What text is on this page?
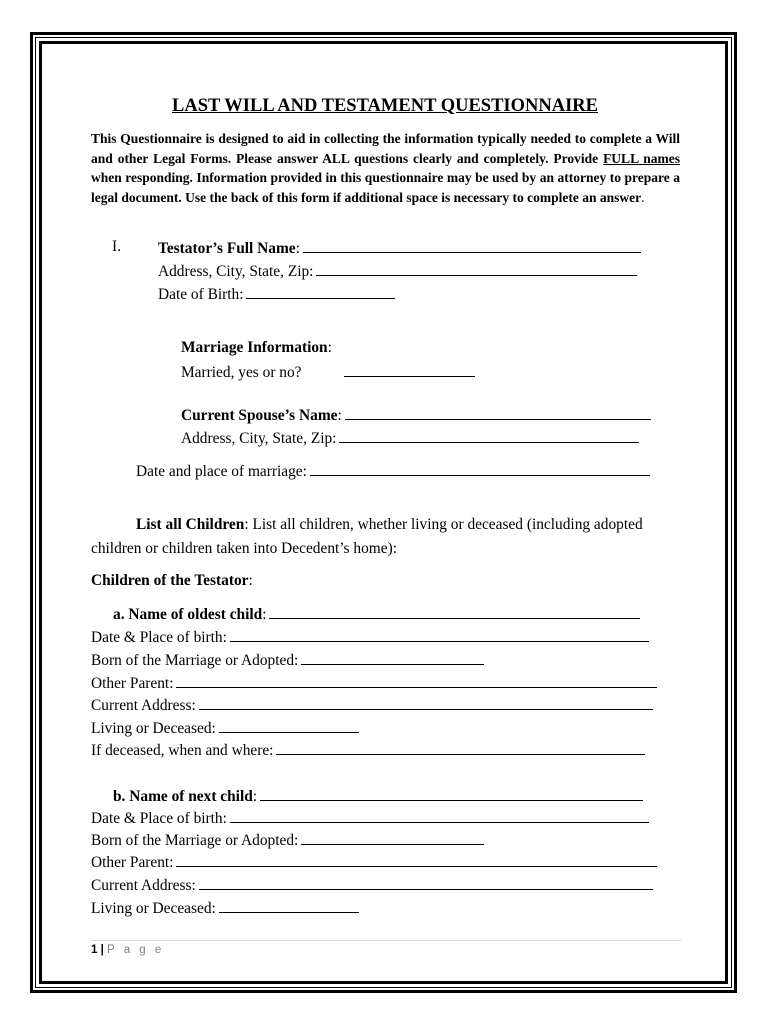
LAST WILL AND TESTAMENT QUESTIONNAIRE
This Questionnaire is designed to aid in collecting the information typically needed to complete a Will and other Legal Forms. Please answer ALL questions clearly and completely. Provide FULL names when responding. Information provided in this questionnaire may be used by an attorney to prepare a legal document. Use the back of this form if additional space is necessary to complete an answer.
I. Testator’s Full Name:
Address, City, State, Zip:
Date of Birth:
Marriage Information:
Married, yes or no?
Current Spouse’s Name:
Address, City, State, Zip:
Date and place of marriage:
List all Children: List all children, whether living or deceased (including adopted children or children taken into Decedent’s home):
Children of the Testator:
a. Name of oldest child:
Date & Place of birth:
Born of the Marriage or Adopted:
Other Parent:
Current Address:
Living or Deceased:
If deceased, when and where:
b. Name of next child:
Date & Place of birth:
Born of the Marriage or Adopted:
Other Parent:
Current Address:
Living or Deceased:
1 | P a g e
